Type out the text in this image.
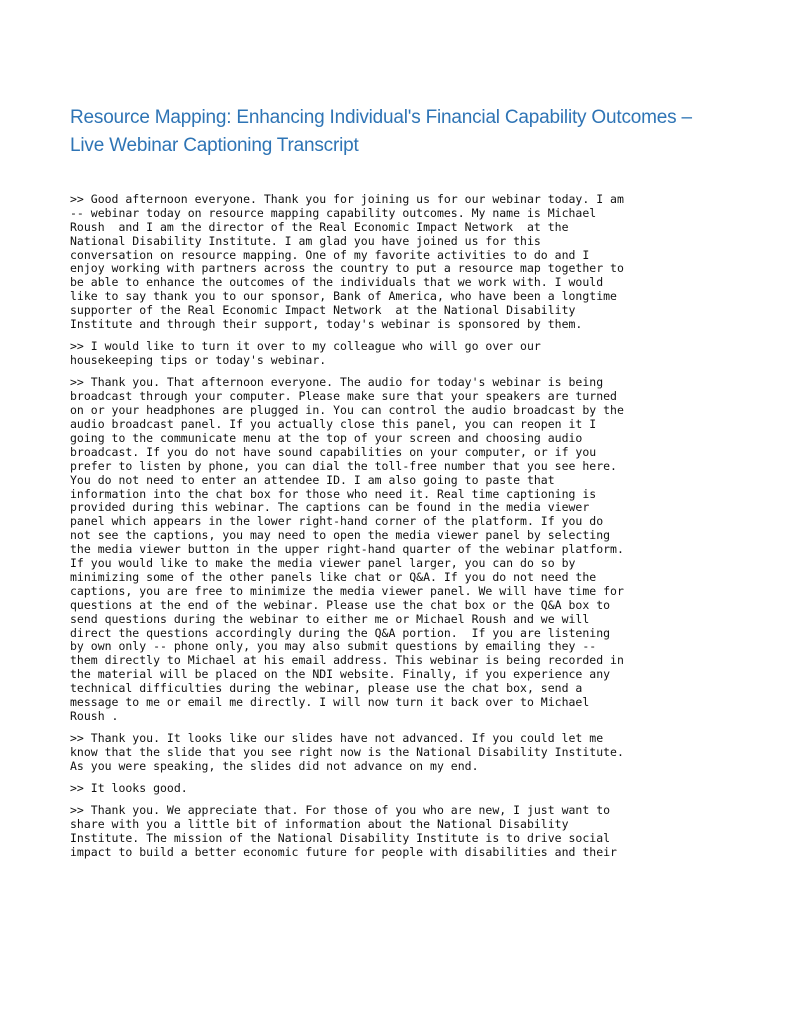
Resource Mapping: Enhancing Individual's Financial Capability Outcomes –
Live Webinar Captioning Transcript

>> Good afternoon everyone. Thank you for joining us for our webinar today. I am
-- webinar today on resource mapping capability outcomes. My name is Michael
Roush  and I am the director of the Real Economic Impact Network  at the
National Disability Institute. I am glad you have joined us for this
conversation on resource mapping. One of my favorite activities to do and I
enjoy working with partners across the country to put a resource map together to
be able to enhance the outcomes of the individuals that we work with. I would
like to say thank you to our sponsor, Bank of America, who have been a longtime
supporter of the Real Economic Impact Network  at the National Disability
Institute and through their support, today's webinar is sponsored by them.

>> I would like to turn it over to my colleague who will go over our
housekeeping tips or today's webinar.

>> Thank you. That afternoon everyone. The audio for today's webinar is being
broadcast through your computer. Please make sure that your speakers are turned
on or your headphones are plugged in. You can control the audio broadcast by the
audio broadcast panel. If you actually close this panel, you can reopen it I
going to the communicate menu at the top of your screen and choosing audio
broadcast. If you do not have sound capabilities on your computer, or if you
prefer to listen by phone, you can dial the toll-free number that you see here.
You do not need to enter an attendee ID. I am also going to paste that
information into the chat box for those who need it. Real time captioning is
provided during this webinar. The captions can be found in the media viewer
panel which appears in the lower right-hand corner of the platform. If you do
not see the captions, you may need to open the media viewer panel by selecting
the media viewer button in the upper right-hand quarter of the webinar platform.
If you would like to make the media viewer panel larger, you can do so by
minimizing some of the other panels like chat or Q&A. If you do not need the
captions, you are free to minimize the media viewer panel. We will have time for
questions at the end of the webinar. Please use the chat box or the Q&A box to
send questions during the webinar to either me or Michael Roush and we will
direct the questions accordingly during the Q&A portion.  If you are listening
by own only -- phone only, you may also submit questions by emailing they --
them directly to Michael at his email address. This webinar is being recorded in
the material will be placed on the NDI website. Finally, if you experience any
technical difficulties during the webinar, please use the chat box, send a
message to me or email me directly. I will now turn it back over to Michael
Roush .

>> Thank you. It looks like our slides have not advanced. If you could let me
know that the slide that you see right now is the National Disability Institute.
As you were speaking, the slides did not advance on my end.

>> It looks good.

>> Thank you. We appreciate that. For those of you who are new, I just want to
share with you a little bit of information about the National Disability
Institute. The mission of the National Disability Institute is to drive social
impact to build a better economic future for people with disabilities and their
